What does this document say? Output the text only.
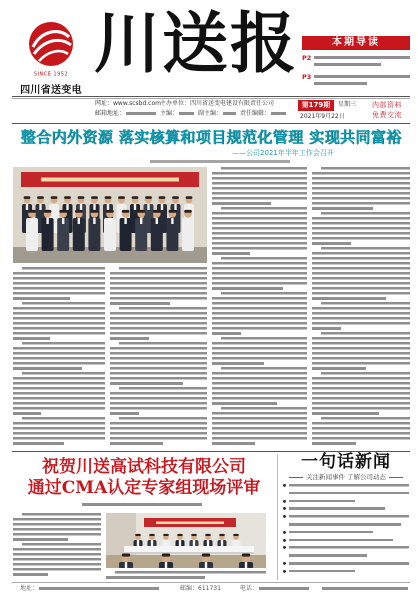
SINCE 1952
四川省送变电
川送报	本期导读
P2
P3
网址：www.scsbd.com 主办单位：四川省送变电建设有限责任公司
邮箱地址：	主编：	副主编：	责任编辑：
第179期	星期三
2021年9月22日
内部资料
免费交流
整合内外资源 落实核算和项目规范化管理 实现共同富裕
——公司2021年半年工作会召开
祝贺川送高试科技有限公司
通过CMA认定专家组现场评审
一句话新闻
关注新闻事件 了解公司动态
地址：	邮编：611731	电话：
